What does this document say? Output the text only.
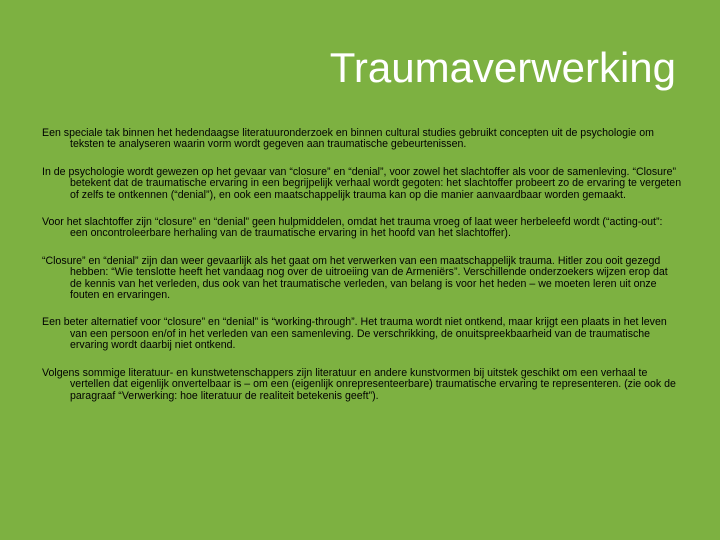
Traumaverwerking
Een speciale tak binnen het hedendaagse literatuuronderzoek en binnen cultural studies gebruikt concepten uit de psychologie om teksten te analyseren waarin vorm wordt gegeven aan traumatische gebeurtenissen.
In de psychologie wordt gewezen op het gevaar van “closure” en “denial”, voor zowel het slachtoffer als voor de samenleving. “Closure” betekent dat de traumatische ervaring in een begrijpelijk verhaal wordt gegoten: het slachtoffer probeert zo de ervaring te vergeten of zelfs te ontkennen (“denial”), en ook een maatschappelijk trauma kan op die manier aanvaardbaar worden gemaakt.
Voor het slachtoffer zijn “closure” en “denial” geen hulpmiddelen, omdat het trauma vroeg of laat weer herbeleefd wordt (“acting-out”: een oncontroleerbare herhaling van de traumatische ervaring in het hoofd van het slachtoffer).
“Closure” en “denial” zijn dan weer gevaarlijk als het gaat om het verwerken van een maatschappelijk trauma. Hitler zou ooit gezegd hebben: “Wie tenslotte heeft het vandaag nog over de uitroeiing van de Armeniërs”. Verschillende onderzoekers wijzen erop dat de kennis van het verleden, dus ook van het traumatische verleden, van belang is voor het heden – we moeten leren uit onze fouten en ervaringen.
Een beter alternatief voor “closure” en “denial” is “working-through”. Het trauma wordt niet ontkend, maar krijgt een plaats in het leven van een persoon en/of in het verleden van een samenleving. De verschrikking, de onuitspreekbaarheid van de traumatische ervaring wordt daarbij niet ontkend.
Volgens sommige literatuur- en kunstwetenschappers zijn literatuur en andere kunstvormen bij uitstek geschikt om een verhaal te vertellen dat eigenlijk onvertelbaar is – om een (eigenlijk onrepresenteerbare) traumatische ervaring te representeren. (zie ook de paragraaf “Verwerking: hoe literatuur de realiteit betekenis geeft”).
